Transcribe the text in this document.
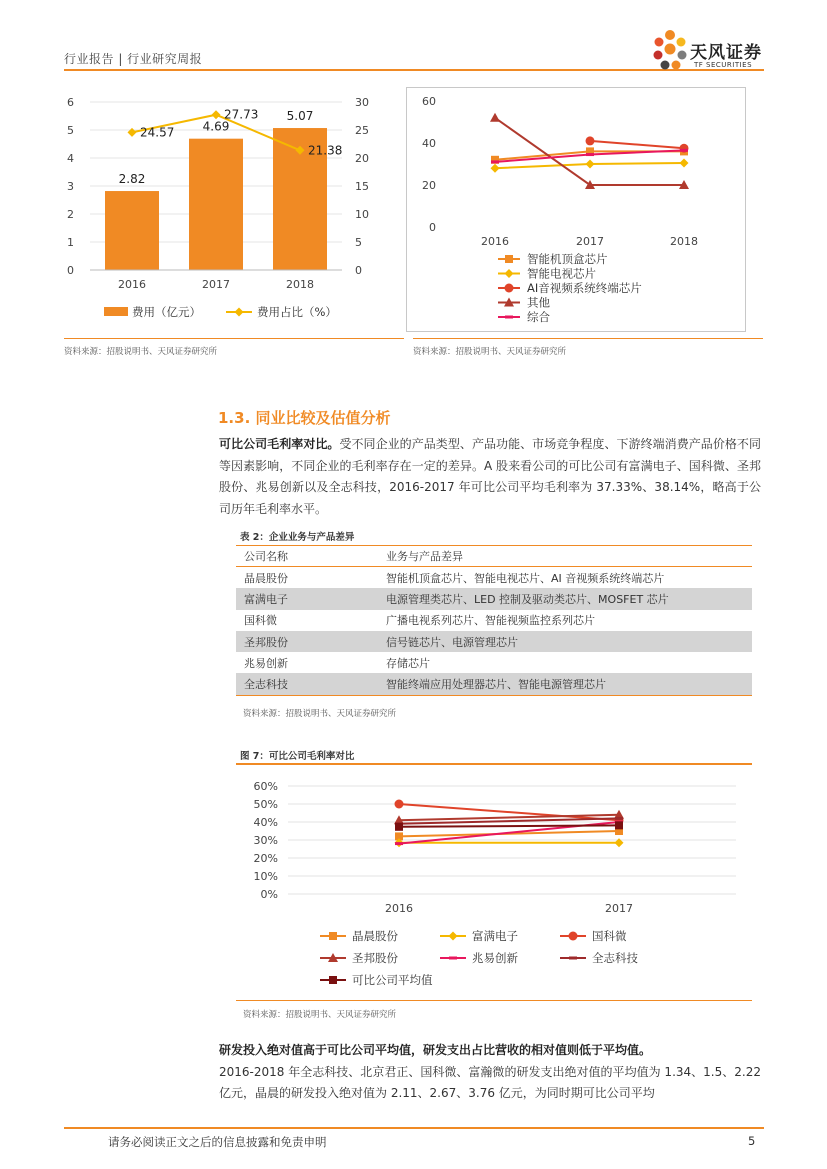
行业报告 | 行业研究周报	天风证券
TF SECURITIES
0
1
2
3
4
5
6
0
5
10
15
20
25
30
2016	2017	2018
2.82
4.69
5.07
24.57
27.73
21.38
费用（亿元）	费用占比（%）
资料来源：招股说明书、天风证券研究所
0
20
40
60
2016	2017	2018
智能机顶盒芯片
智能电视芯片
AI音视频系统终端芯片
其他
综合
资料来源：招股说明书、天风证券研究所
1.3. 同业比较及估值分析
可比公司毛利率对比。受不同企业的产品类型、产品功能、市场竞争程度、下游终端消费产品价格不同等因素影响，不同企业的毛利率存在一定的差异。A 股来看公司的可比公司有富满电子、国科微、圣邦股份、兆易创新以及全志科技，2016-2017 年可比公司平均毛利率为 37.33%、38.14%，略高于公司历年毛利率水平。
表 2：企业业务与产品差异
公司名称	业务与产品差异
晶晨股份	智能机顶盒芯片、智能电视芯片、AI 音视频系统终端芯片
富满电子	电源管理类芯片、LED 控制及驱动类芯片、MOSFET 芯片
国科微	广播电视系列芯片、智能视频监控系列芯片
圣邦股份	信号链芯片、电源管理芯片
兆易创新	存储芯片
全志科技	智能终端应用处理器芯片、智能电源管理芯片
资料来源：招股说明书、天风证券研究所
图 7：可比公司毛利率对比
0%
10%
20%
30%
40%
50%
60%
2016	2017
晶晨股份	富满电子	国科微
圣邦股份	兆易创新	全志科技
可比公司平均值
资料来源：招股说明书、天风证券研究所
研发投入绝对值高于可比公司平均值，研发支出占比营收的相对值则低于平均值。
2016-2018 年全志科技、北京君正、国科微、富瀚微的研发支出绝对值的平均值为 1.34、1.5、2.22 亿元，晶晨的研发投入绝对值为 2.11、2.67、3.76 亿元，为同时期可比公司平均
请务必阅读正文之后的信息披露和免责申明	5
